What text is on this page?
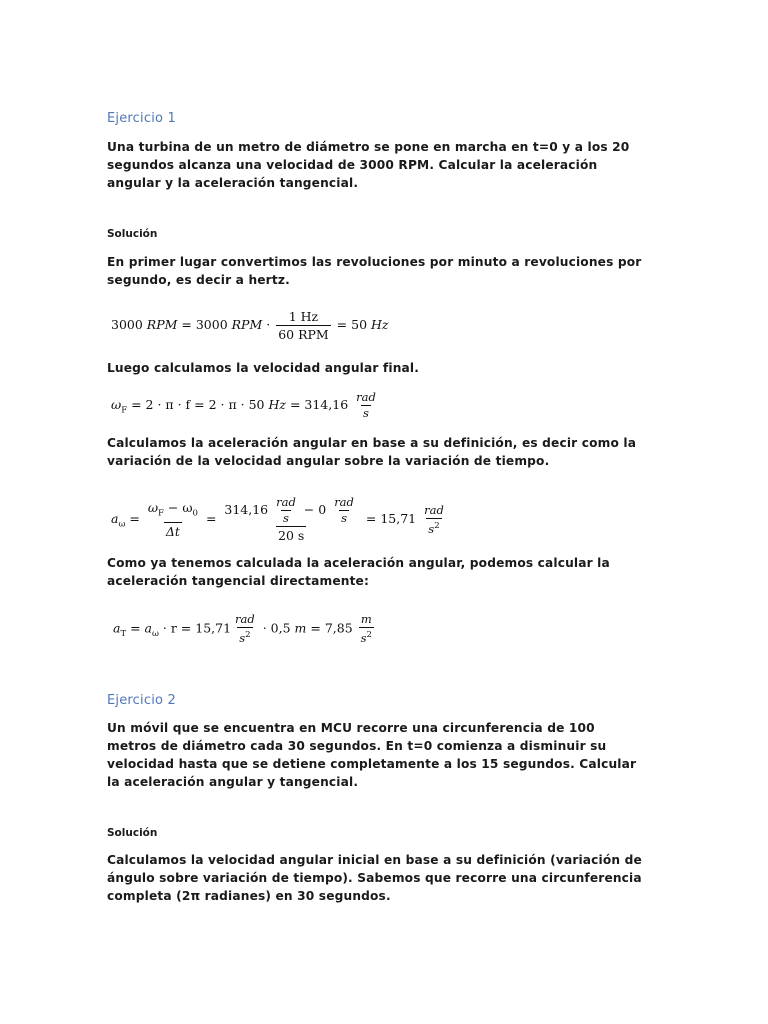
Ejercicio 1
Una turbina de un metro de diámetro se pone en marcha en t=0 y a los 20
segundos alcanza una velocidad de 3000 RPM. Calcular la aceleración
angular y la aceleración tangencial.
Solución
En primer lugar convertimos las revoluciones por minuto a revoluciones por
segundo, es decir a hertz.
3000 RPM = 3000 RPM · $\frac{1 Hz}{\text{60 RPM}} = 50$ Hz
Luego calculamos la velocidad angular final.
$\omega_F = 2 \cdot \pi \cdot f = 2 \cdot \pi \cdot 50$ $Hz = 314,16 \frac{\text{rad}}{s}$
Calculamos la aceleración angular en base a su definición, es decir como la
variación de la velocidad angular sobre la variación de tiempo.
$a_\omega = \frac{\omega_F - \omega_0}{\Delta t} = \frac{314,16 \frac{\text{rad}}{s} - 0 \frac{\text{rad}}{s}}{20 s} = 15,71 \frac{\text{rad}}{s^2}$
Como ya tenemos calculada la aceleración angular, podemos calcular la
aceleración tangencial directamente:
$a_T = a_\omega \cdot r = 15,71 \frac{\text{rad}}{s^2} \cdot 0,5$ $m = 7,85 \frac{m}{s^2}$
Ejercicio 2
Un móvil que se encuentra en MCU recorre una circunferencia de 100
metros de diámetro cada 30 segundos. En t=0 comienza a disminuir su
velocidad hasta que se detiene completamente a los 15 segundos. Calcular
la aceleración angular y tangencial.
Solución
Calculamos la velocidad angular inicial en base a su definición (variación de
ángulo sobre variación de tiempo). Sabemos que recorre una circunferencia
completa (2π radianes) en 30 segundos.
